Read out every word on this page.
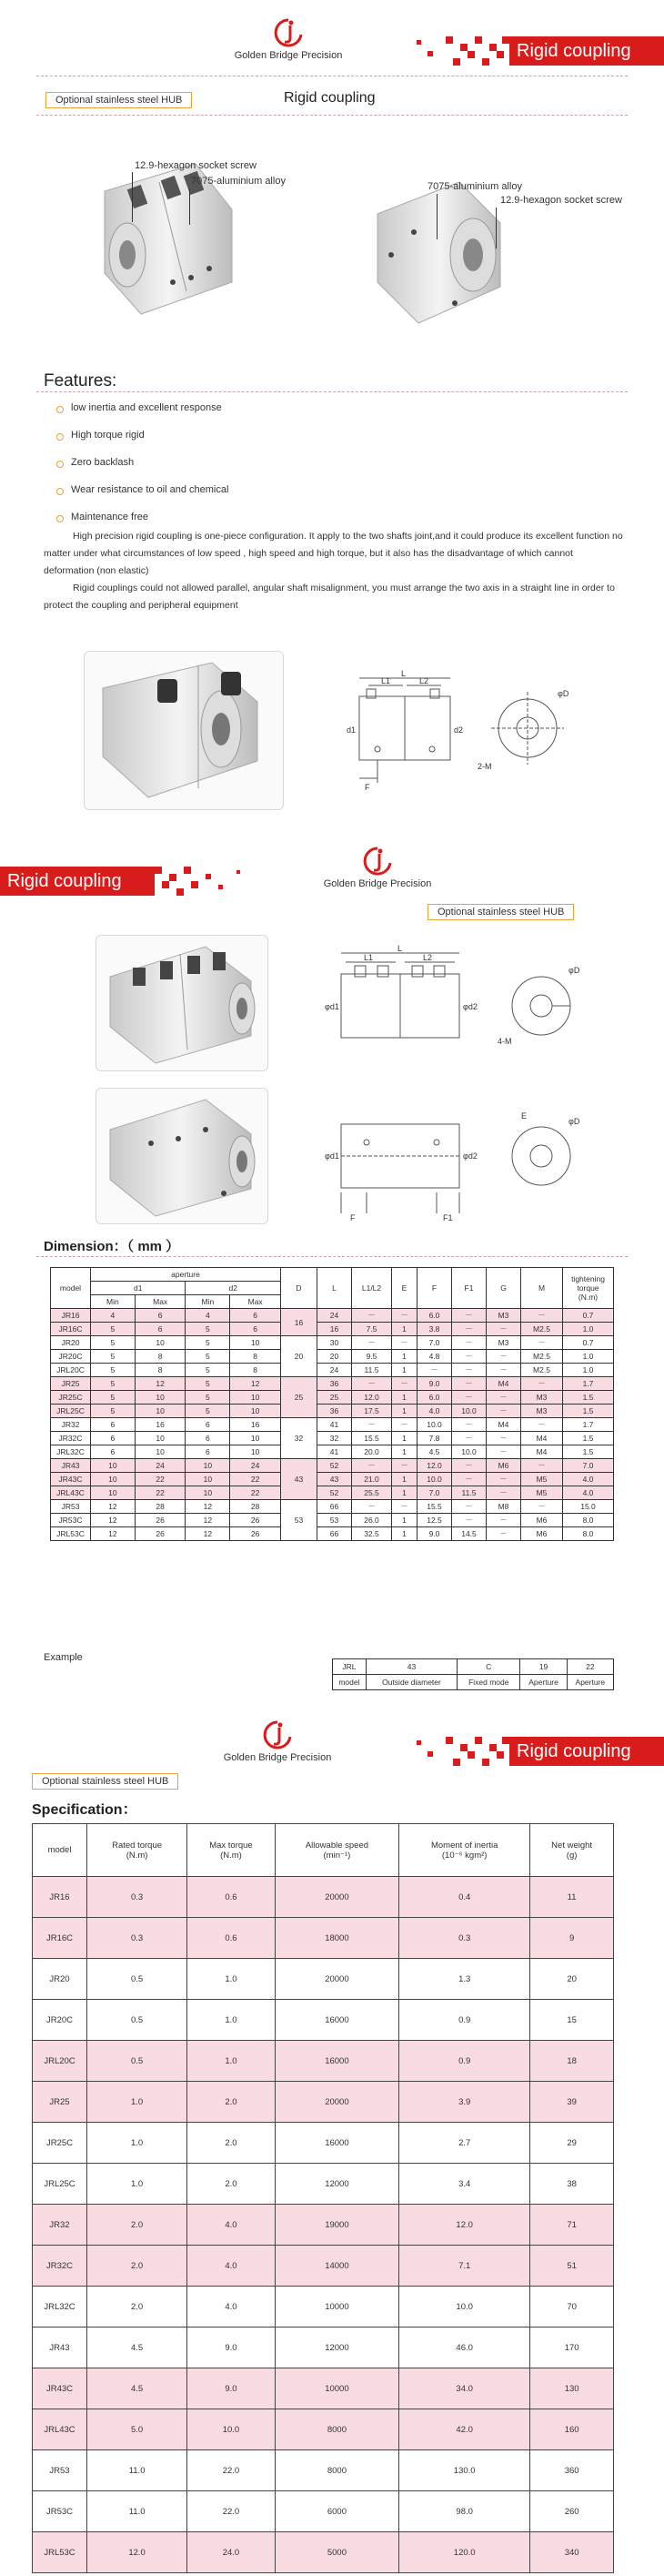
Golden Bridge Precision	Rigid coupling
Optional stainless steel HUB	Rigid coupling
12.9-hexagon socket screw
7075-aluminium alloy	7075-aluminium alloy
12.9-hexagon socket screw
Features:
low inertia and excellent response
High torque rigid
Zero backlash
Wear resistance to oil and chemical
Maintenance free
High precision rigid coupling is one-piece configuration. It apply to the two shafts joint,and it could produce its excellent function no matter under what circumstances of low speed , high speed and high torque, but it also has the disadvantage of which cannot deformation (non elastic)
Rigid couplings could not allowed parallel, angular shaft misalignment, you must arrange the two axis in a straight line in order to protect the coupling and peripheral equipment
L
L1	L2
d1	d2
F
2-M
φD
Rigid coupling	Golden Bridge Precision
Optional stainless steel HUB
L
L1	L2
φd1	φd2
4-M
φD
φd1	φd2
F	F1
E
φD
Dimension：（ mm ）
model	aperture				D	L	L1/L2	E	F	F1	G	M	tightening torque
(N.m)
	d1		d2										
	Min	Max	Min	Max									
JR16	4	6	4	6	16	24	－	－	6.0	－	M3	－	0.7
JR16C	5	6	5	6		16	7.5	1	3.8	－	－	M2.5	1.0
JR20	5	10	5	10	20	30	－	－	7.0	－	M3	－	0.7
JR20C	5	8	5	8		20	9.5	1	4.8	－	－	M2.5	1.0
JRL20C	5	8	5	8		24	11.5	1	－	－	－	M2.5	1.0
JR25	5	12	5	12	25	36	－	－	9.0	－	M4	－	1.7
JR25C	5	10	5	10		25	12.0	1	6.0	－	－	M3	1.5
JRL25C	5	10	5	10		36	17.5	1	4.0	10.0	－	M3	1.5
JR32	6	16	6	16	32	41	－	－	10.0	－	M4	－	1.7
JR32C	6	10	6	10		32	15.5	1	7.8	－	－	M4	1.5
JRL32C	6	10	6	10		41	20.0	1	4.5	10.0	－	M4	1.5
JR43	10	24	10	24	43	52	－	－	12.0	－	M6	－	7.0
JR43C	10	22	10	22		43	21.0	1	10.0	－	－	M5	4.0
JRL43C	10	22	10	22		52	25.5	1	7.0	11.5	－	M5	4.0
JR53	12	28	12	28	53	66	－	－	15.5	－	M8	－	15.0
JR53C	12	26	12	26		53	26.0	1	12.5	－	－	M6	8.0
JRL53C	12	26	12	26		66	32.5	1	9.0	14.5	－	M6	8.0
Example
JRL	43	C	19	22
model	Outside diameter	Fixed mode	Aperture	Aperture
Golden Bridge Precision	Rigid coupling
Optional stainless steel HUB
Specification：
model	Rated torque
(N.m)	Max torque
(N.m)	Allowable speed
(min⁻¹)	Moment of inertia
(10⁻⁶ kgm²)	Net weight
(g)
JR16	0.3	0.6	20000	0.4	11
JR16C	0.3	0.6	18000	0.3	9
JR20	0.5	1.0	20000	1.3	20
JR20C	0.5	1.0	16000	0.9	15
JRL20C	0.5	1.0	16000	0.9	18
JR25	1.0	2.0	20000	3.9	39
JR25C	1.0	2.0	16000	2.7	29
JRL25C	1.0	2.0	12000	3.4	38
JR32	2.0	4.0	19000	12.0	71
JR32C	2.0	4.0	14000	7.1	51
JRL32C	2.0	4.0	10000	10.0	70
JR43	4.5	9.0	12000	46.0	170
JR43C	4.5	9.0	10000	34.0	130
JRL43C	5.0	10.0	8000	42.0	160
JR53	11.0	22.0	8000	130.0	360
JR53C	11.0	22.0	6000	98.0	260
JRL53C	12.0	24.0	5000	120.0	340
